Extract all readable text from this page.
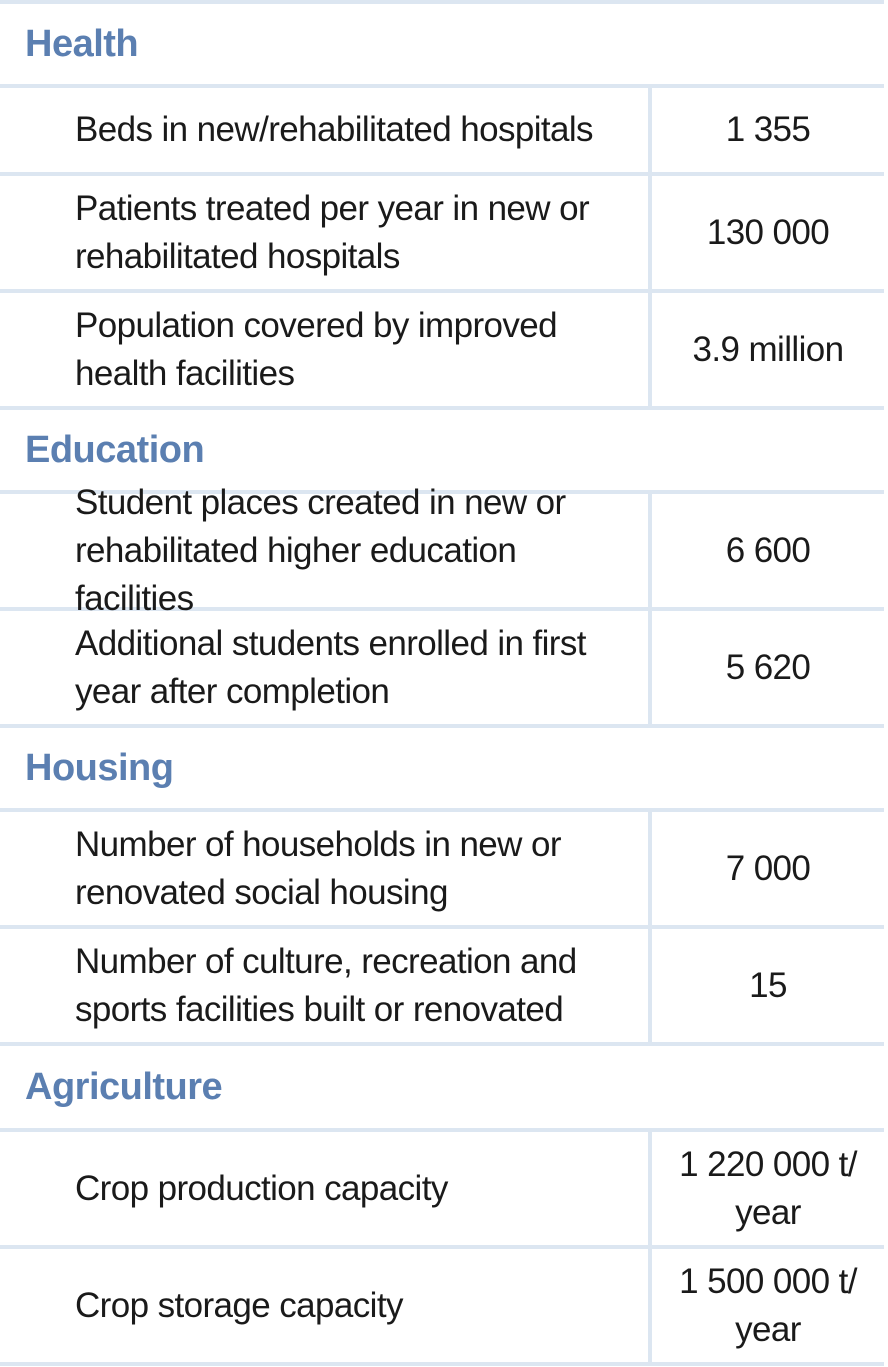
Health
Beds in new/rehabilitated hospitals	1 355
Patients treated per year in new or rehabilitated hospitals
130 000
Population covered by improved health facilities
3.9 million
Education
Student places created in new or rehabilitated higher education facilities
6 600
Additional students enrolled in first year after completion
5 620
Housing
Number of households in new or renovated social housing
7 000
Number of culture, recreation and sports facilities built or renovated
15
Agriculture
Crop production capacity
1 220 000 t/ year
Crop storage capacity
1 500 000 t/ year
